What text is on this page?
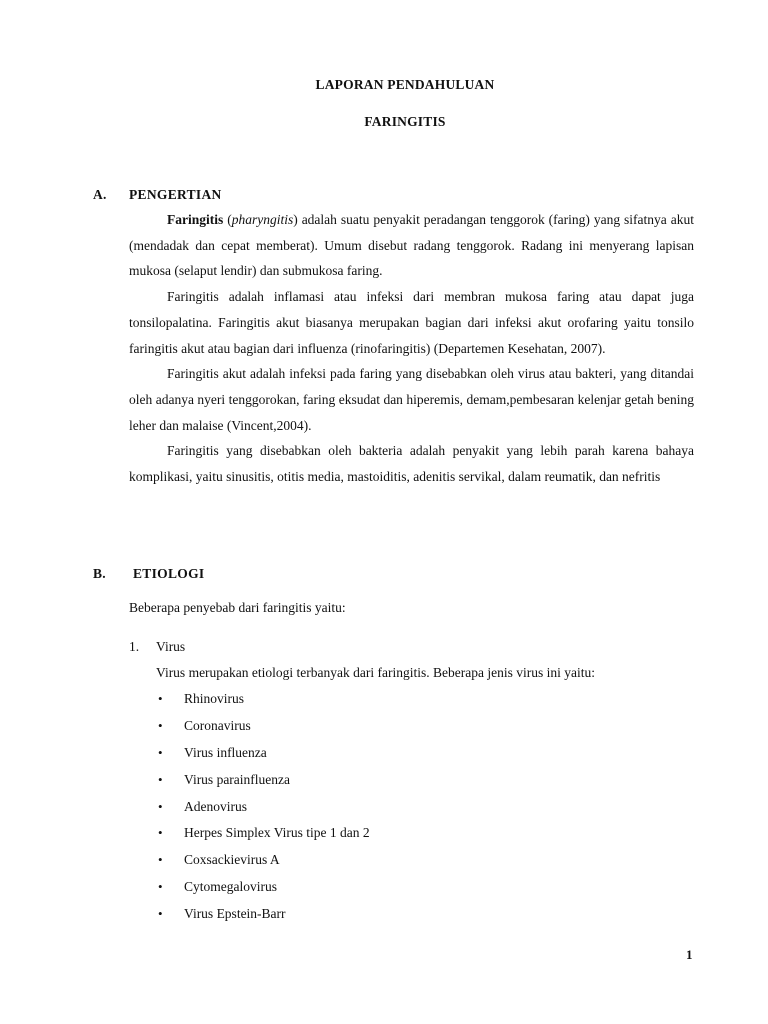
LAPORAN PENDAHULUAN
FARINGITIS
A. PENGERTIAN

Faringitis (pharyngitis) adalah suatu penyakit peradangan tenggorok (faring) yang sifatnya akut (mendadak dan cepat memberat). Umum disebut radang tenggorok. Radang ini menyerang lapisan mukosa (selaput lendir) dan submukosa faring.

Faringitis adalah inflamasi atau infeksi dari membran mukosa faring atau dapat juga tonsilopalatina. Faringitis akut biasanya merupakan bagian dari infeksi akut orofaring yaitu tonsilo faringitis akut atau bagian dari influenza (rinofaringitis) (Departemen Kesehatan, 2007).

Faringitis akut adalah infeksi pada faring yang disebabkan oleh virus atau bakteri, yang ditandai oleh adanya nyeri tenggorokan, faring eksudat dan hiperemis, demam,pembesaran kelenjar getah bening leher dan malaise (Vincent,2004).

Faringitis yang disebabkan oleh bakteria adalah penyakit yang lebih parah karena bahaya komplikasi, yaitu sinusitis, otitis media, mastoiditis, adenitis servikal, dalam reumatik, dan nefritis

B. ETIOLOGI
Beberapa penyebab dari faringitis yaitu:
1. Virus
Virus merupakan etiologi terbanyak dari faringitis. Beberapa jenis virus ini yaitu:
•
Rhinovirus
•
Coronavirus
•
Virus influenza
•
Virus parainfluenza
•
Adenovirus
•
Herpes Simplex Virus tipe 1 dan 2
•
Coxsackievirus A
•
Cytomegalovirus
•
Virus Epstein-Barr
1
